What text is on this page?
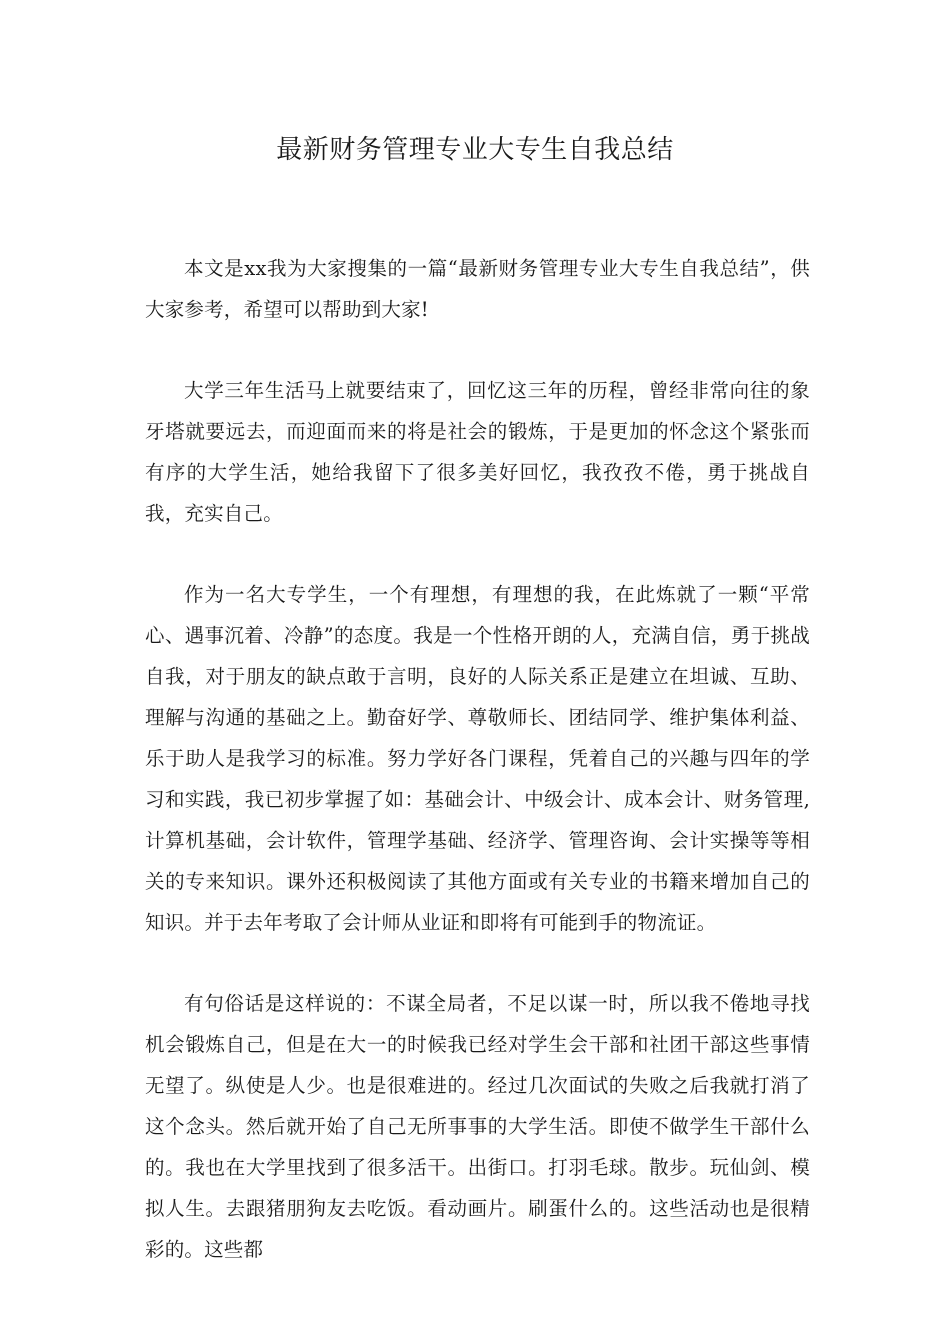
最新财务管理专业大专生自我总结

本文是xx我为大家搜集的一篇“最新财务管理专业大专生自我总结”，供大家参考，希望可以帮助到大家!

大学三年生活马上就要结束了，回忆这三年的历程，曾经非常向往的象牙塔就要远去，而迎面而来的将是社会的锻炼，于是更加的怀念这个紧张而有序的大学生活，她给我留下了很多美好回忆，我孜孜不倦，勇于挑战自我，充实自己。

作为一名大专学生，一个有理想，有理想的我，在此炼就了一颗“平常心、遇事沉着、冷静”的态度。我是一个性格开朗的人，充满自信，勇于挑战自我，对于朋友的缺点敢于言明，良好的人际关系正是建立在坦诚、互助、理解与沟通的基础之上。勤奋好学、尊敬师长、团结同学、维护集体利益、乐于助人是我学习的标准。努力学好各门课程，凭着自己的兴趣与四年的学习和实践，我已初步掌握了如：基础会计、中级会计、成本会计、财务管理,计算机基础，会计软件，管理学基础、经济学、管理咨询、会计实操等等相关的专来知识。课外还积极阅读了其他方面或有关专业的书籍来增加自己的知识。并于去年考取了会计师从业证和即将有可能到手的物流证。

有句俗话是这样说的：不谋全局者，不足以谋一时，所以我不倦地寻找机会锻炼自己，但是在大一的时候我已经对学生会干部和社团干部这些事情无望了。纵使是人少。也是很难进的。经过几次面试的失败之后我就打消了这个念头。然后就开始了自己无所事事的大学生活。即使不做学生干部什么的。我也在大学里找到了很多活干。出街口。打羽毛球。散步。玩仙剑、模拟人生。去跟猪朋狗友去吃饭。看动画片。刷蛋什么的。这些活动也是很精彩的。这些都
